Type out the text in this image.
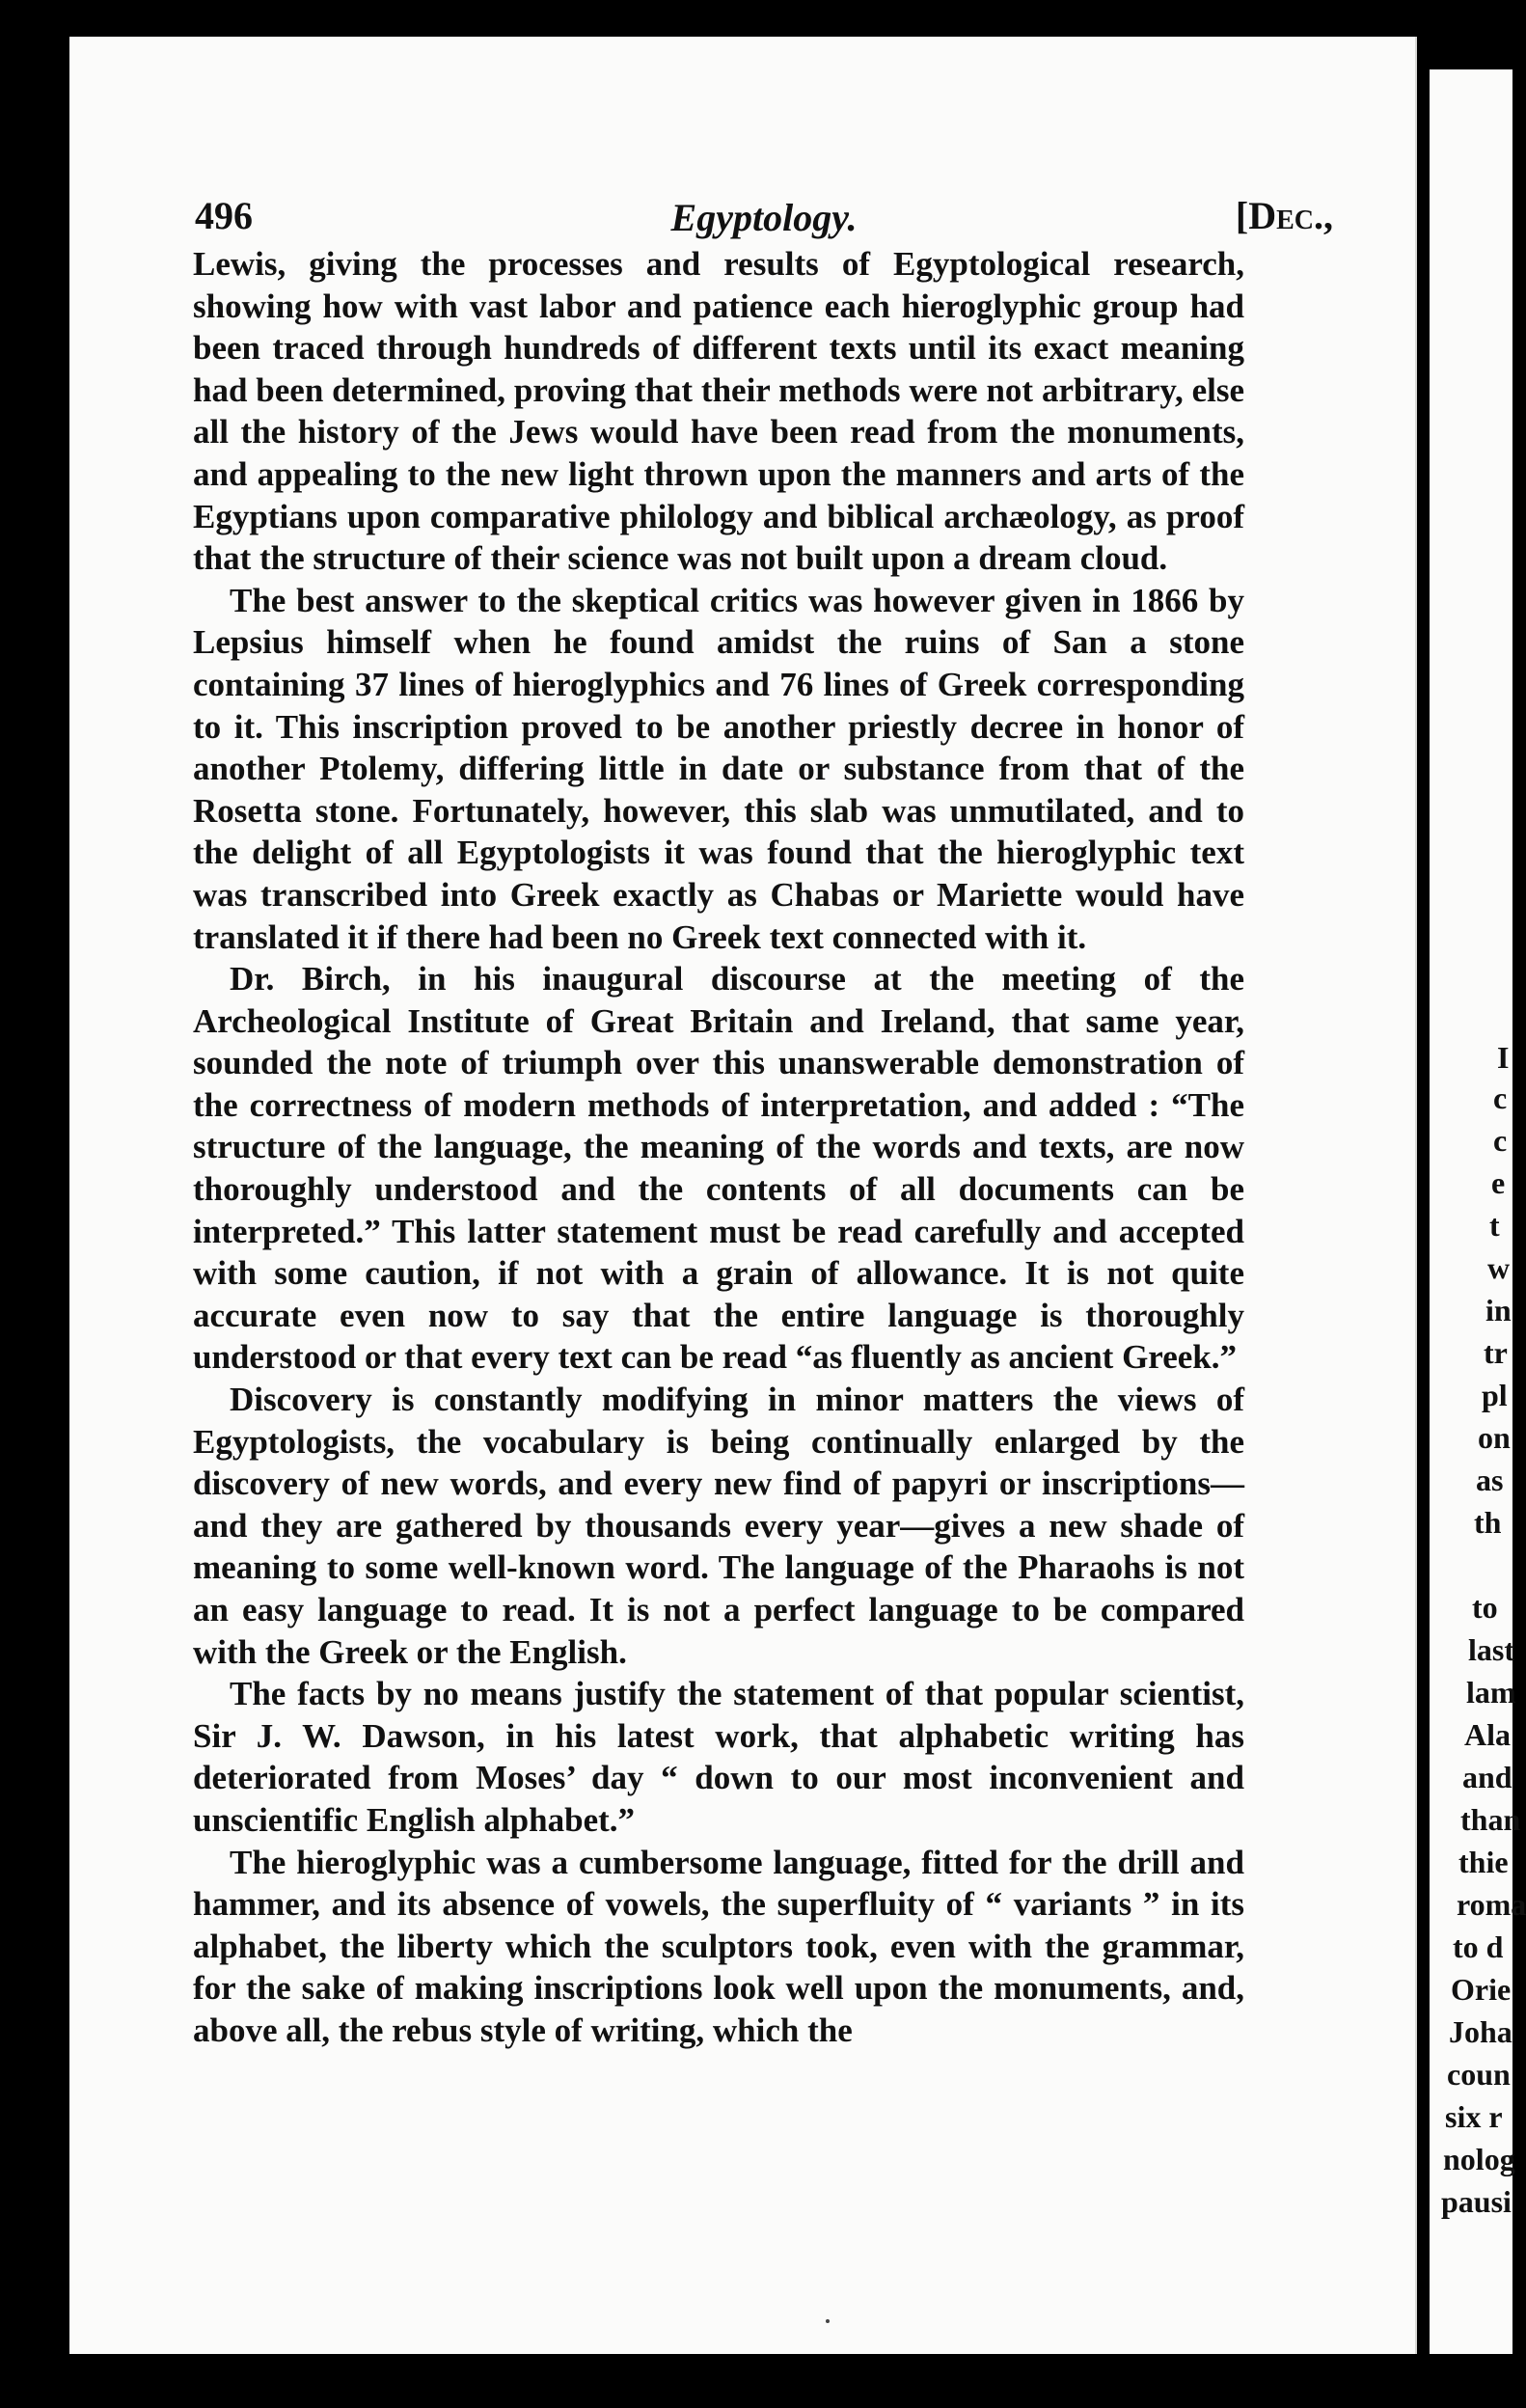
496	Egyptology.	[Dec.,

Lewis, giving the processes and results of Egyptological research, showing how with vast labor and patience each hieroglyphic group had been traced through hundreds of different texts until its exact meaning had been determined, proving that their methods were not arbitrary, else all the history of the Jews would have been read from the monuments, and appealing to the new light thrown upon the manners and arts of the Egyptians upon comparative philology and biblical archæology, as proof that the structure of their science was not built upon a dream cloud.

The best answer to the skeptical critics was however given in 1866 by Lepsius himself when he found amidst the ruins of San a stone containing 37 lines of hieroglyphics and 76 lines of Greek corresponding to it. This inscription proved to be another priestly decree in honor of another Ptolemy, differing little in date or substance from that of the Rosetta stone. Fortunately, however, this slab was unmutilated, and to the delight of all Egyptologists it was found that the hieroglyphic text was transcribed into Greek exactly as Chabas or Mariette would have translated it if there had been no Greek text connected with it.

Dr. Birch, in his inaugural discourse at the meeting of the Archeological Institute of Great Britain and Ireland, that same year, sounded the note of triumph over this unanswerable demonstration of the correctness of modern methods of interpretation, and added : “The structure of the language, the meaning of the words and texts, are now thoroughly understood and the contents of all documents can be interpreted.” This latter statement must be read carefully and accepted with some caution, if not with a grain of allowance. It is not quite accurate even now to say that the entire language is thoroughly understood or that every text can be read “as fluently as ancient Greek.”

Discovery is constantly modifying in minor matters the views of Egyptologists, the vocabulary is being continually enlarged by the discovery of new words, and every new find of papyri or inscriptions—and they are gathered by thousands every year—gives a new shade of meaning to some well-known word. The language of the Pharaohs is not an easy language to read. It is not a perfect language to be compared with the Greek or the English.

The facts by no means justify the statement of that popular scientist, Sir J. W. Dawson, in his latest work, that alphabetic writing has deteriorated from Moses’ day “ down to our most inconvenient and unscientific English alphabet.”

The hieroglyphic was a cumbersome language, fitted for the drill and hammer, and its absence of vowels, the superfluity of “ variants ” in its alphabet, the liberty which the sculptors took, even with the grammar, for the sake of making inscriptions look well upon the monuments, and, above all, the rebus style of writing, which the

I
c
c
e
t
w
in
tr
pl
on
as
th
to
last
lam
Ala
and
than
thie
roma
to d
Orie
Joha
coun
six r
nolog
pausi
